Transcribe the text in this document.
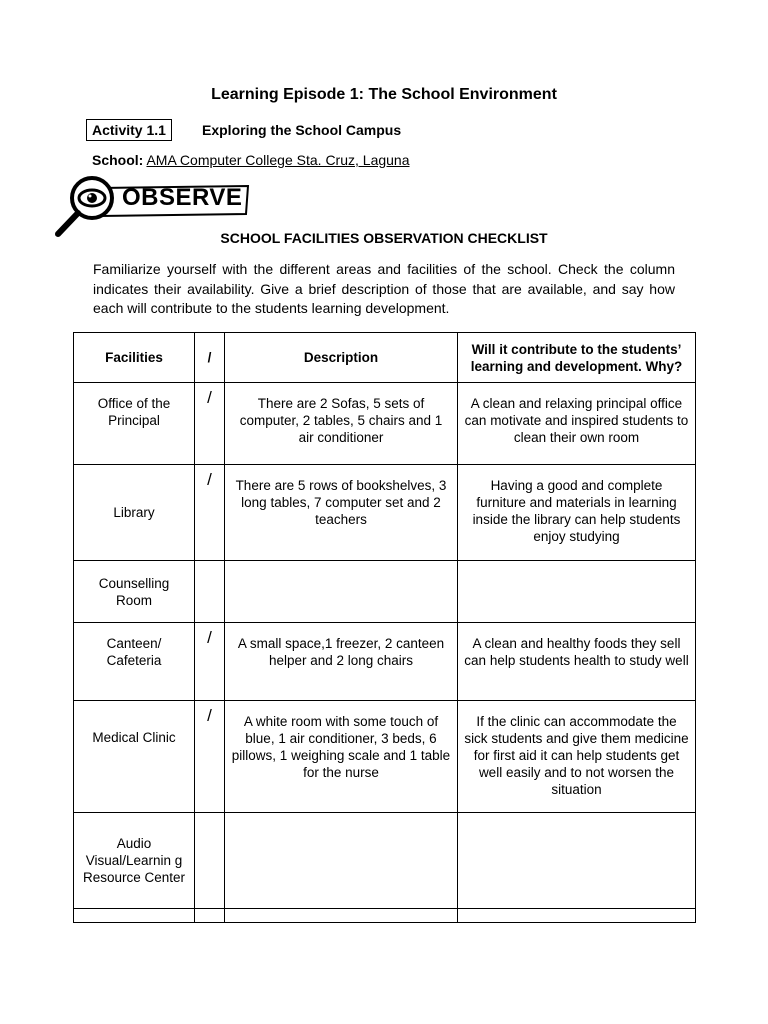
Learning Episode 1: The School Environment
Activity 1.1	Exploring the School Campus
School: AMA Computer College Sta. Cruz, Laguna
OBSERVE
SCHOOL FACILITIES OBSERVATION CHECKLIST
Familiarize yourself with the different areas and facilities of the school. Check the column indicates their availability. Give a brief description of those that are available, and say how each will contribute to the students learning development.
Facilities	/	Description	Will it contribute to the students’ learning and development. Why?
Office of the Principal	/	There are 2 Sofas, 5 sets of computer, 2 tables, 5 chairs and 1 air conditioner	A clean and relaxing principal office can motivate and inspired students to clean their own room
Library	/	There are 5 rows of bookshelves, 3 long tables, 7 computer set and 2 teachers	Having a good and complete furniture and materials in learning inside the library can help students enjoy studying
Counselling Room			
Canteen/ Cafeteria	/	A small space,1 freezer, 2 canteen helper and 2 long chairs	A clean and healthy foods they sell can help students health to study well
Medical Clinic	/	A white room with some touch of blue, 1 air conditioner, 3 beds, 6 pillows, 1 weighing scale and 1 table for the nurse	If the clinic can accommodate the sick students and give them medicine for first aid it can help students get well easily and to not worsen the situation
Audio Visual/Learnin g Resource Center			
